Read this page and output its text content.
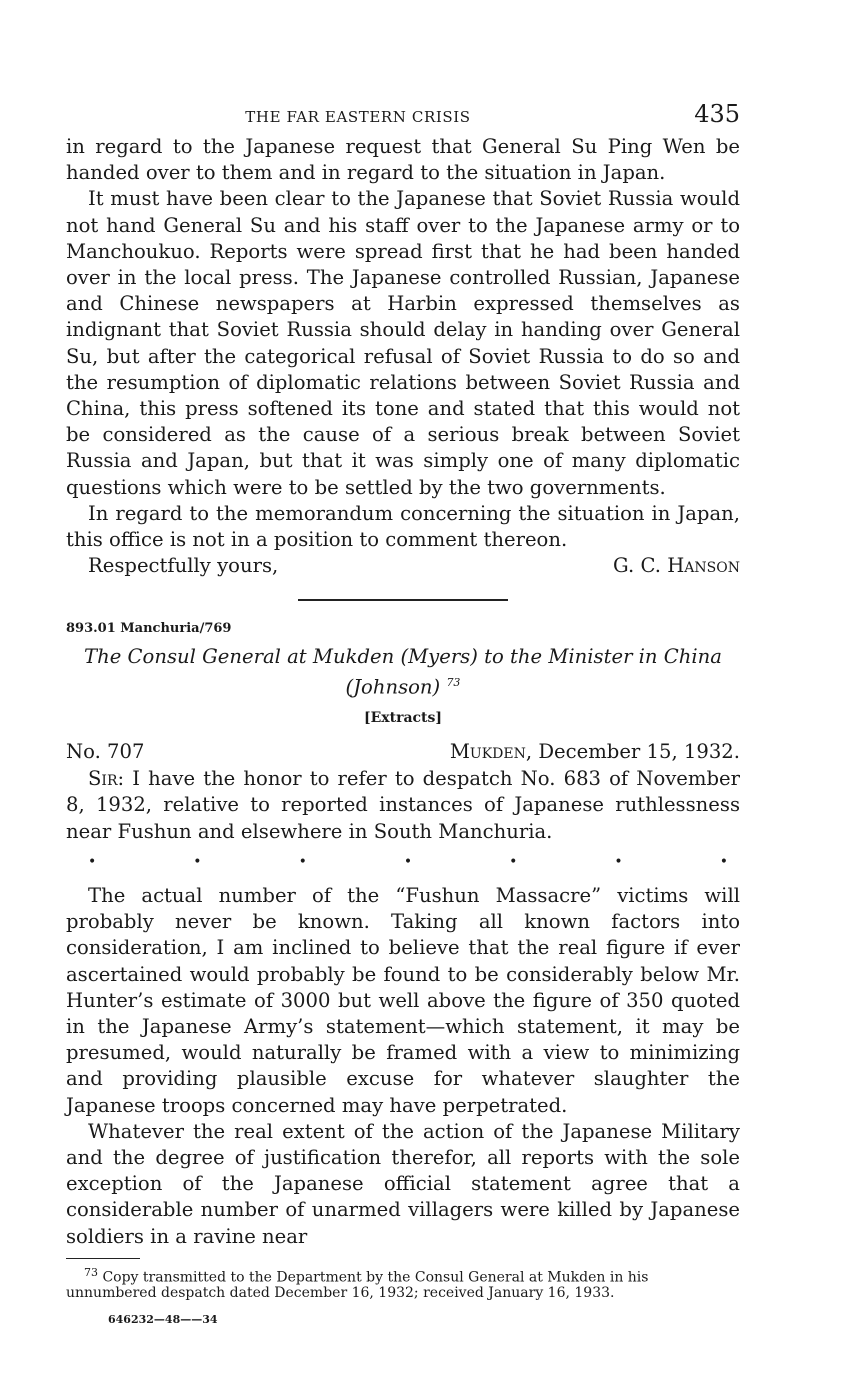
THE FAR EASTERN CRISIS	435

in regard to the Japanese request that General Su Ping Wen be handed over to them and in regard to the situation in Japan.

It must have been clear to the Japanese that Soviet Russia would not hand General Su and his staff over to the Japanese army or to Manchoukuo. Reports were spread first that he had been handed over in the local press. The Japanese controlled Russian, Japanese and Chinese newspapers at Harbin expressed themselves as indignant that Soviet Russia should delay in handing over General Su, but after the categorical refusal of Soviet Russia to do so and the resumption of diplomatic relations between Soviet Russia and China, this press softened its tone and stated that this would not be considered as the cause of a serious break between Soviet Russia and Japan, but that it was simply one of many diplomatic questions which were to be settled by the two governments.

In regard to the memorandum concerning the situation in Japan, this office is not in a position to comment thereon.

Respectfully yours,	G. C. Hanson
893.01 Manchuria/769
The Consul General at Mukden (Myers) to the Minister in China (Johnson) $^{73}$
[Extracts]
No. 707	Mukden, December 15, 1932.

Sir: I have the honor to refer to despatch No. 683 of November 8, 1932, relative to reported instances of Japanese ruthlessness near Fushun and elsewhere in South Manchuria.

•	•	•	•	•	•	•

The actual number of the “Fushun Massacre” victims will probably never be known. Taking all known factors into consideration, I am inclined to believe that the real figure if ever ascertained would probably be found to be considerably below Mr. Hunter’s estimate of 3000 but well above the figure of 350 quoted in the Japanese Army’s statement—which statement, it may be presumed, would naturally be framed with a view to minimizing and providing plausible excuse for whatever slaughter the Japanese troops concerned may have perpetrated.

Whatever the real extent of the action of the Japanese Military and the degree of justification therefor, all reports with the sole exception of the Japanese official statement agree that a considerable number of unarmed villagers were killed by Japanese soldiers in a ravine near

$^{73}$ Copy transmitted to the Department by the Consul General at Mukden in his unnumbered despatch dated December 16, 1932; received January 16, 1933.

646232—48——34
